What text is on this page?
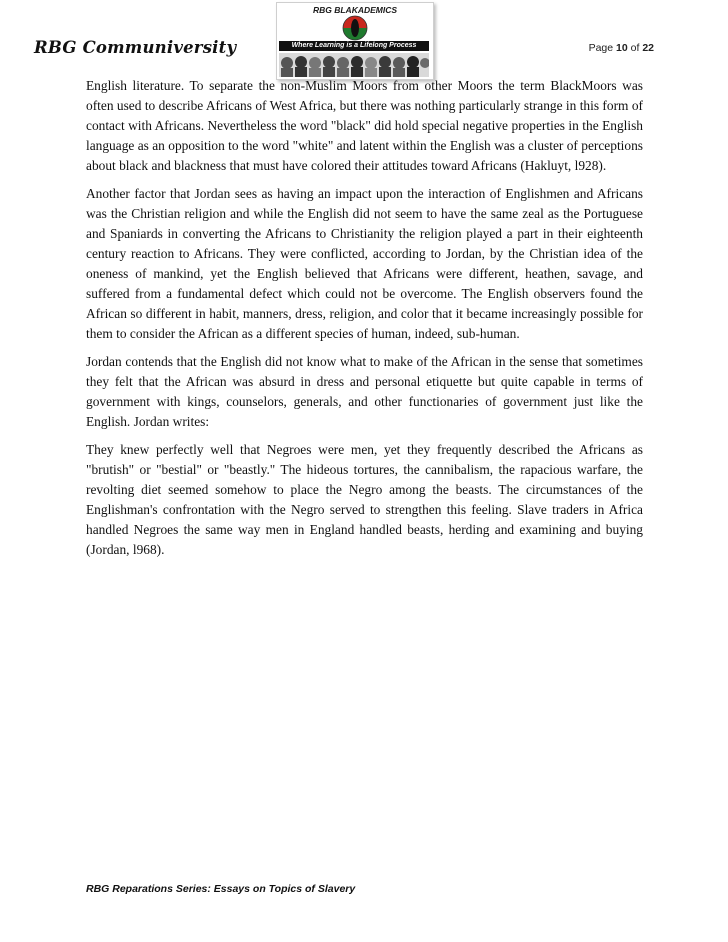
RBG Communiversity
RBG BLAKADEMICS
Where Learning is a Lifelong Process	Page 10 of 22

English literature. To separate the non-Muslim Moors from other Moors the term BlackMoors was often used to describe Africans of West Africa, but there was nothing particularly strange in this form of contact with Africans. Nevertheless the word "black" did hold special negative properties in the English language as an opposition to the word "white" and latent within the English was a cluster of perceptions about black and blackness that must have colored their attitudes toward Africans (Hakluyt, l928).

Another factor that Jordan sees as having an impact upon the interaction of Englishmen and Africans was the Christian religion and while the English did not seem to have the same zeal as the Portuguese and Spaniards in converting the Africans to Christianity the religion played a part in their eighteenth century reaction to Africans. They were conflicted, according to Jordan, by the Christian idea of the oneness of mankind, yet the English believed that Africans were different, heathen, savage, and suffered from a fundamental defect which could not be overcome. The English observers found the African so different in habit, manners, dress, religion, and color that it became increasingly possible for them to consider the African as a different species of human, indeed, sub-human.

Jordan contends that the English did not know what to make of the African in the sense that sometimes they felt that the African was absurd in dress and personal etiquette but quite capable in terms of government with kings, counselors, generals, and other functionaries of government just like the English. Jordan writes:

They knew perfectly well that Negroes were men, yet they frequently described the Africans as "brutish" or "bestial" or "beastly." The hideous tortures, the cannibalism, the rapacious warfare, the revolting diet seemed somehow to place the Negro among the beasts. The circumstances of the Englishman's confrontation with the Negro served to strengthen this feeling. Slave traders in Africa handled Negroes the same way men in England handled beasts, herding and examining and buying (Jordan, l968).

RBG Reparations Series: Essays on Topics of Slavery
